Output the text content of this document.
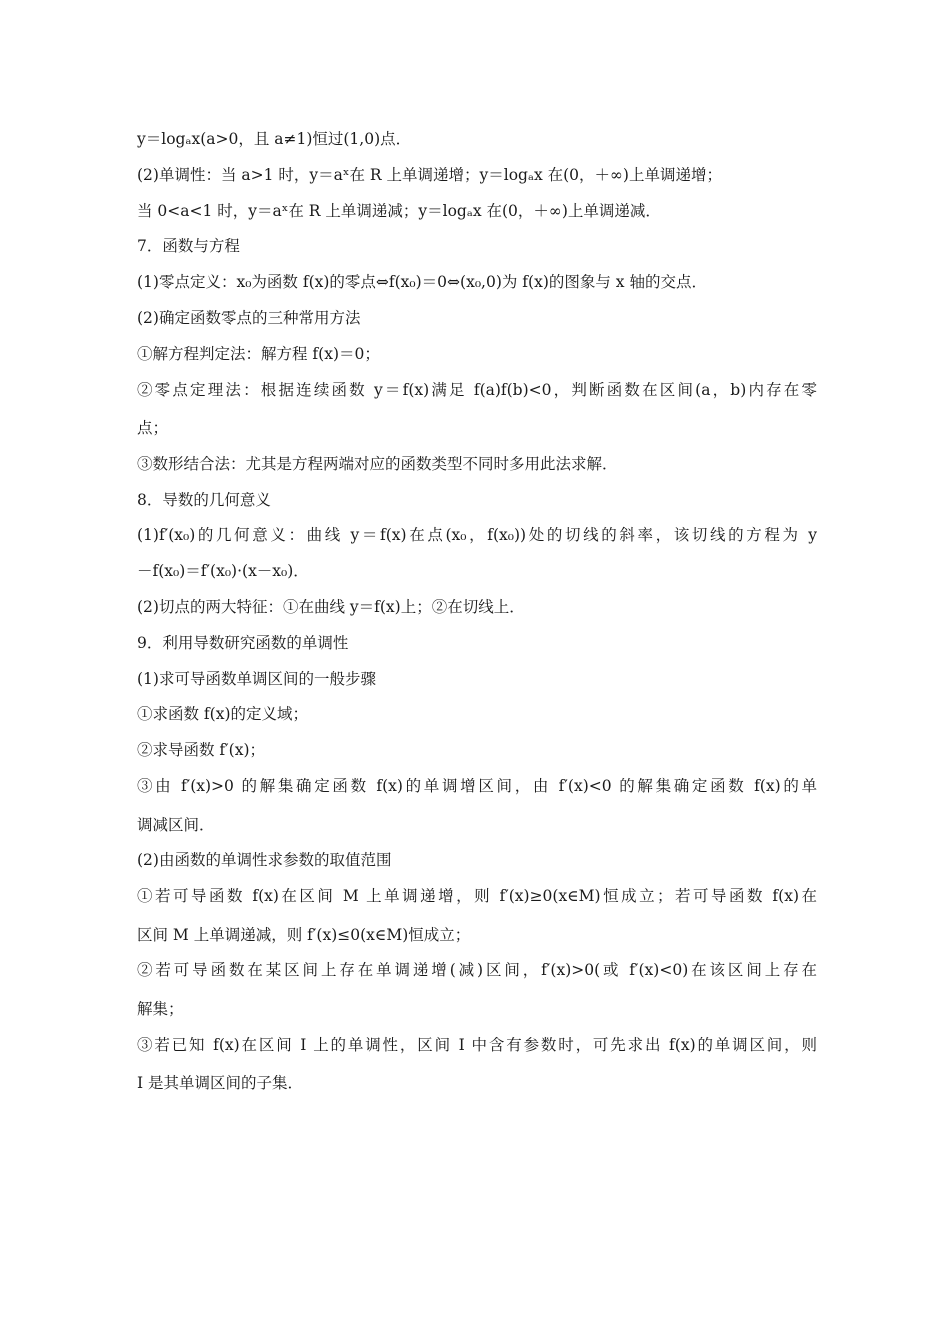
y＝logₐx(a>0，且 a≠1)恒过(1,0)点．
(2)单调性：当 a>1 时，y＝aˣ在 R 上单调递增；y＝logₐx 在(0，＋∞)上单调递增；
当 0<a<1 时，y＝aˣ在 R 上单调递减；y＝logₐx 在(0，＋∞)上单调递减．
7．函数与方程
(1)零点定义：x₀为函数 f(x)的零点⇔f(x₀)＝0⇔(x₀,0)为 f(x)的图象与 x 轴的交点．
(2)确定函数零点的三种常用方法
①解方程判定法：解方程 f(x)＝0；
②零点定理法：根据连续函数 y＝f(x)满足 f(a)f(b)<0，判断函数在区间(a，b)内存在零
点；
③数形结合法：尤其是方程两端对应的函数类型不同时多用此法求解．
8．导数的几何意义
(1)f′(x₀)的几何意义：曲线 y＝f(x)在点(x₀，f(x₀))处的切线的斜率，该切线的方程为 y
－f(x₀)＝f′(x₀)·(x－x₀)．
(2)切点的两大特征：①在曲线 y＝f(x)上；②在切线上．
9．利用导数研究函数的单调性
(1)求可导函数单调区间的一般步骤
①求函数 f(x)的定义域；
②求导函数 f′(x)；
③由 f′(x)>0 的解集确定函数 f(x)的单调增区间，由 f′(x)<0 的解集确定函数 f(x)的单
调减区间．
(2)由函数的单调性求参数的取值范围
①若可导函数 f(x)在区间 M 上单调递增，则 f′(x)≥0(x∈M)恒成立；若可导函数 f(x)在
区间 M 上单调递减，则 f′(x)≤0(x∈M)恒成立；
②若可导函数在某区间上存在单调递增(减)区间，f′(x)>0(或 f′(x)<0)在该区间上存在
解集；
③若已知 f(x)在区间 I 上的单调性，区间 I 中含有参数时，可先求出 f(x)的单调区间，则
I 是其单调区间的子集．
